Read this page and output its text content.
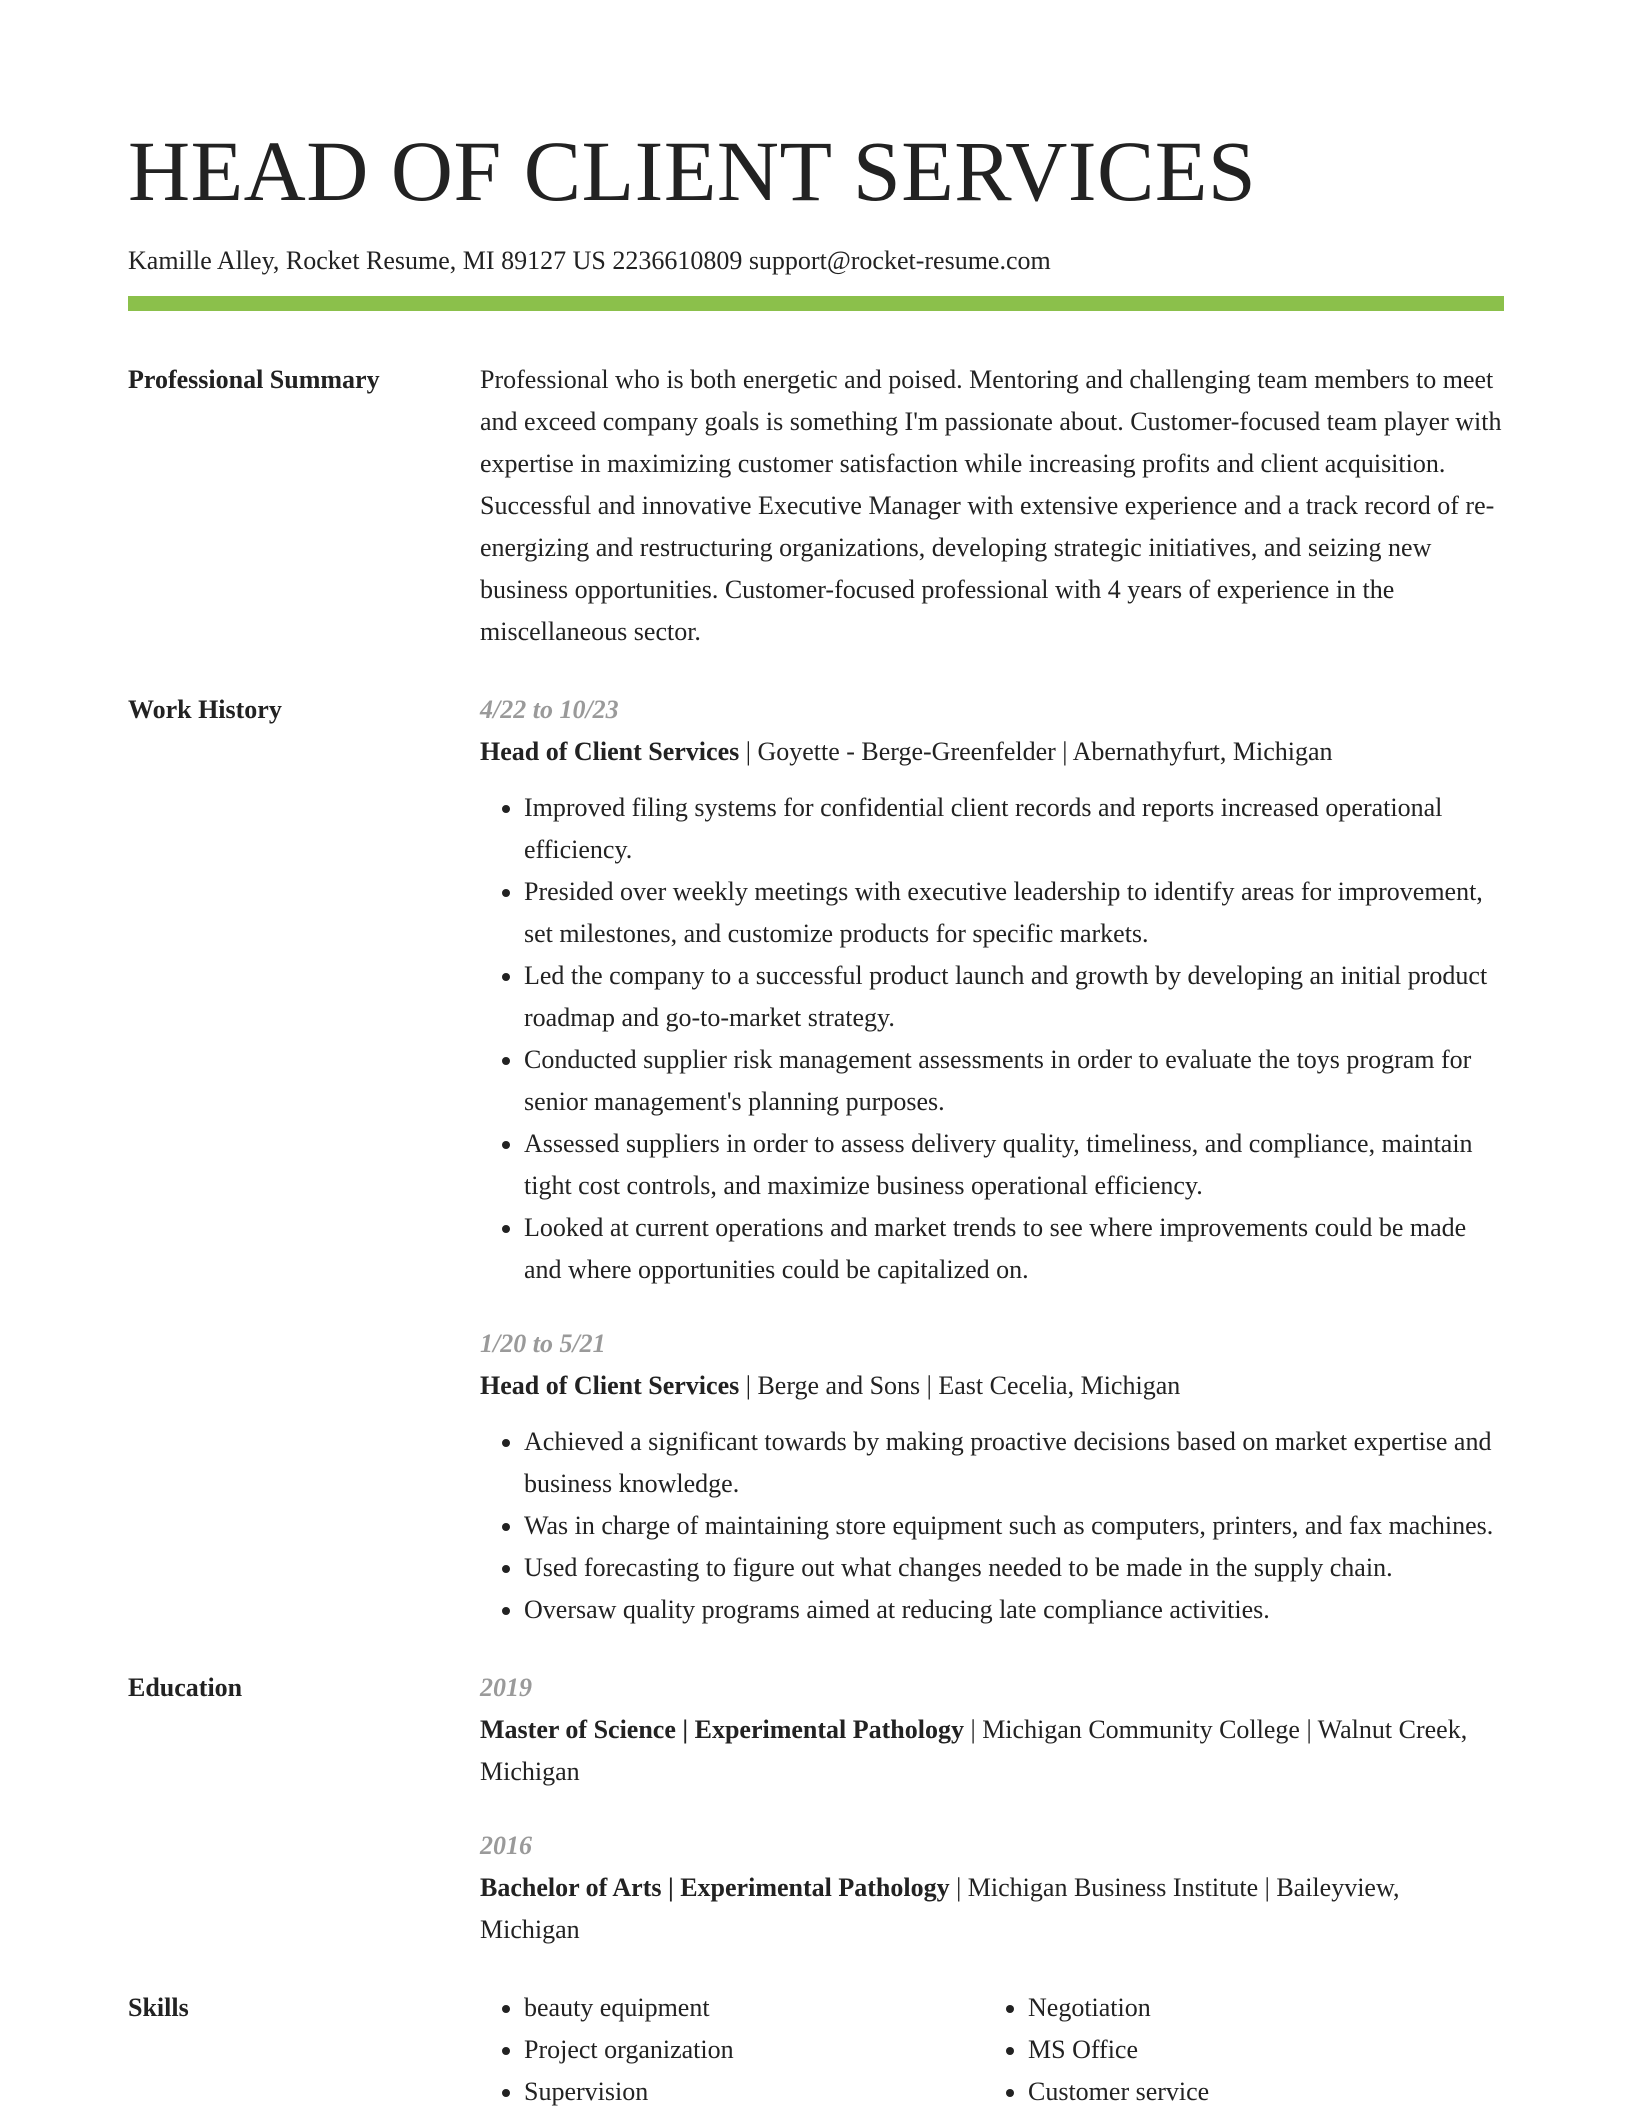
HEAD OF CLIENT SERVICES
Kamille Alley, Rocket Resume, MI 89127 US 2236610809 support@rocket-resume.com
Professional Summary	Professional who is both energetic and poised. Mentoring and challenging team members to meet and exceed company goals is something I'm passionate about. Customer-focused team player with expertise in maximizing customer satisfaction while increasing profits and client acquisition. Successful and innovative Executive Manager with extensive experience and a track record of re-energizing and restructuring organizations, developing strategic initiatives, and seizing new business opportunities. Customer-focused professional with 4 years of experience in the miscellaneous sector.

Work History	4/22 to 10/23
Head of Client Services | Goyette - Berge-Greenfelder | Abernathyfurt, Michigan
• Improved filing systems for confidential client records and reports increased operational efficiency.
• Presided over weekly meetings with executive leadership to identify areas for improvement, set milestones, and customize products for specific markets.
• Led the company to a successful product launch and growth by developing an initial product roadmap and go-to-market strategy.
• Conducted supplier risk management assessments in order to evaluate the toys program for senior management's planning purposes.
• Assessed suppliers in order to assess delivery quality, timeliness, and compliance, maintain tight cost controls, and maximize business operational efficiency.
• Looked at current operations and market trends to see where improvements could be made and where opportunities could be capitalized on.
1/20 to 5/21
Head of Client Services | Berge and Sons | East Cecelia, Michigan
• Achieved a significant towards by making proactive decisions based on market expertise and business knowledge.
• Was in charge of maintaining store equipment such as computers, printers, and fax machines.
• Used forecasting to figure out what changes needed to be made in the supply chain.
• Oversaw quality programs aimed at reducing late compliance activities.
Education	2019
Master of Science | Experimental Pathology | Michigan Community College | Walnut Creek, Michigan
2016
Bachelor of Arts | Experimental Pathology | Michigan Business Institute | Baileyview, Michigan
Skills
•	beauty equipment
• Project organization
• Supervision
• Negotiation
• MS Office
• Customer service
